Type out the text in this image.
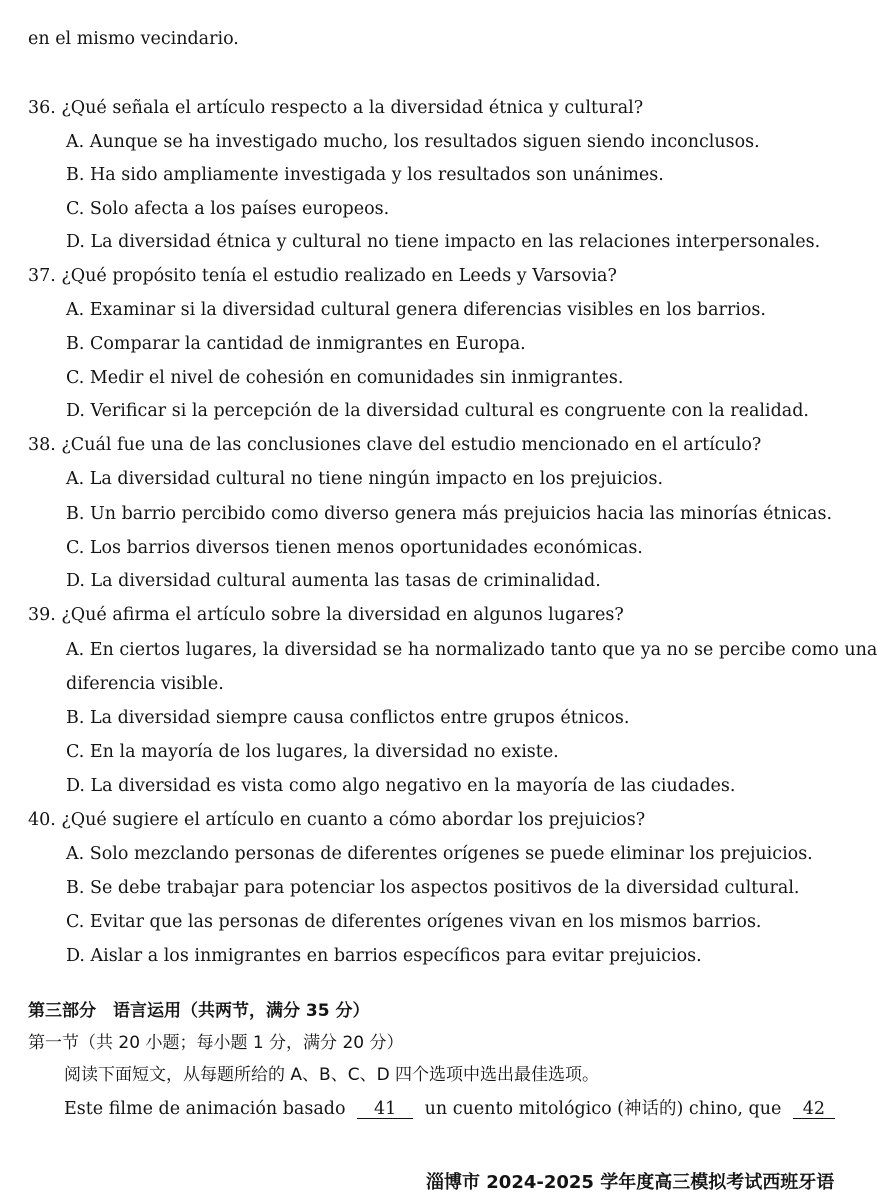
en el mismo vecindario.
36. ¿Qué señala el artículo respecto a la diversidad étnica y cultural?
A. Aunque se ha investigado mucho, los resultados siguen siendo inconclusos.
B. Ha sido ampliamente investigada y los resultados son unánimes.
C. Solo afecta a los países europeos.
D. La diversidad étnica y cultural no tiene impacto en las relaciones interpersonales.
37. ¿Qué propósito tenía el estudio realizado en Leeds y Varsovia?
A. Examinar si la diversidad cultural genera diferencias visibles en los barrios.
B. Comparar la cantidad de inmigrantes en Europa.
C. Medir el nivel de cohesión en comunidades sin inmigrantes.
D. Verificar si la percepción de la diversidad cultural es congruente con la realidad.
38. ¿Cuál fue una de las conclusiones clave del estudio mencionado en el artículo?
A. La diversidad cultural no tiene ningún impacto en los prejuicios.
B. Un barrio percibido como diverso genera más prejuicios hacia las minorías étnicas.
C. Los barrios diversos tienen menos oportunidades económicas.
D. La diversidad cultural aumenta las tasas de criminalidad.
39. ¿Qué afirma el artículo sobre la diversidad en algunos lugares?
A. En ciertos lugares, la diversidad se ha normalizado tanto que ya no se percibe como una
diferencia visible.
B. La diversidad siempre causa conflictos entre grupos étnicos.
C. En la mayoría de los lugares, la diversidad no existe.
D. La diversidad es vista como algo negativo en la mayoría de las ciudades.
40. ¿Qué sugiere el artículo en cuanto a cómo abordar los prejuicios?
A. Solo mezclando personas de diferentes orígenes se puede eliminar los prejuicios.
B. Se debe trabajar para potenciar los aspectos positivos de la diversidad cultural.
C. Evitar que las personas de diferentes orígenes vivan en los mismos barrios.
D. Aislar a los inmigrantes en barrios específicos para evitar prejuicios.
第三部分　语言运用（共两节，满分 35 分）
第一节（共 20 小题；每小题 1 分，满分 20 分）
阅读下面短文，从每题所给的 A、B、C、D 四个选项中选出最佳选项。
Este filme de animación basado 41 un cuento mitológico (神话的) chino, que 42
淄博市 2024-2025 学年度高三模拟考试西班牙语
